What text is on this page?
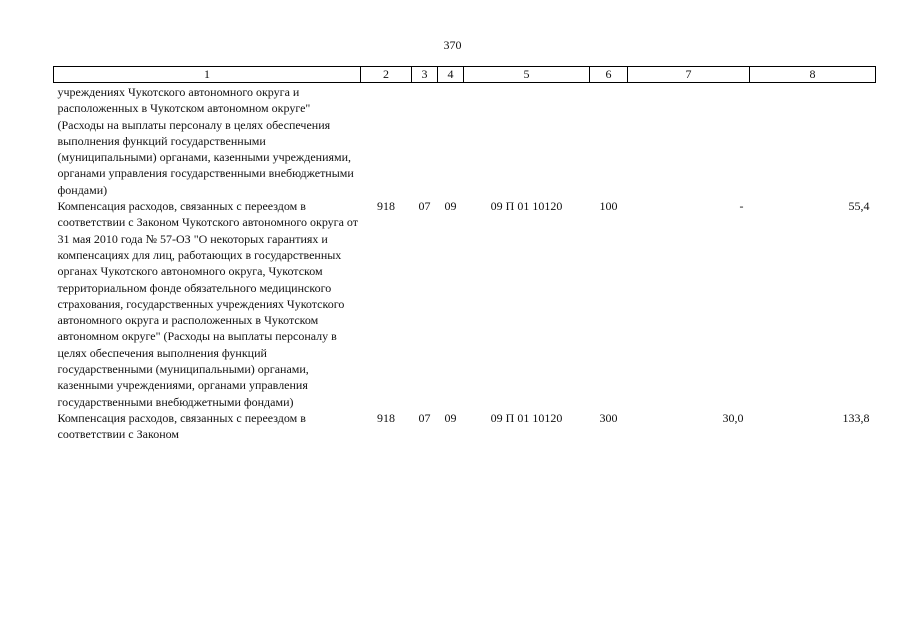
370
1	2	3	4	5	6	7	8
учреждениях Чукотского автономного округа и расположенных в Чукотском автономном округе" (Расходы на выплаты персоналу в целях обеспечения выполнения функций государственными (муниципальными) органами, казенными учреждениями, органами управления государственными внебюджетными фондами)							
Компенсация расходов, связанных с переездом в соответствии с Законом Чукотского автономного округа от 31 мая 2010 года № 57-ОЗ "О некоторых гарантиях и компенсациях для лиц, работающих в государственных органах Чукотского автономного округа, Чукотском территориальном фонде обязательного медицинского страхования, государственных учреждениях Чукотского автономного округа и расположенных в Чукотском автономном округе" (Расходы на выплаты персоналу в целях обеспечения выполнения функций государственными (муниципальными) органами, казенными учреждениями, органами управления государственными внебюджетными фондами)	918	07	09	09 П 01 10120	100	-	55,4
Компенсация расходов, связанных с переездом в соответствии с Законом	918	07	09	09 П 01 10120	300	30,0	133,8
